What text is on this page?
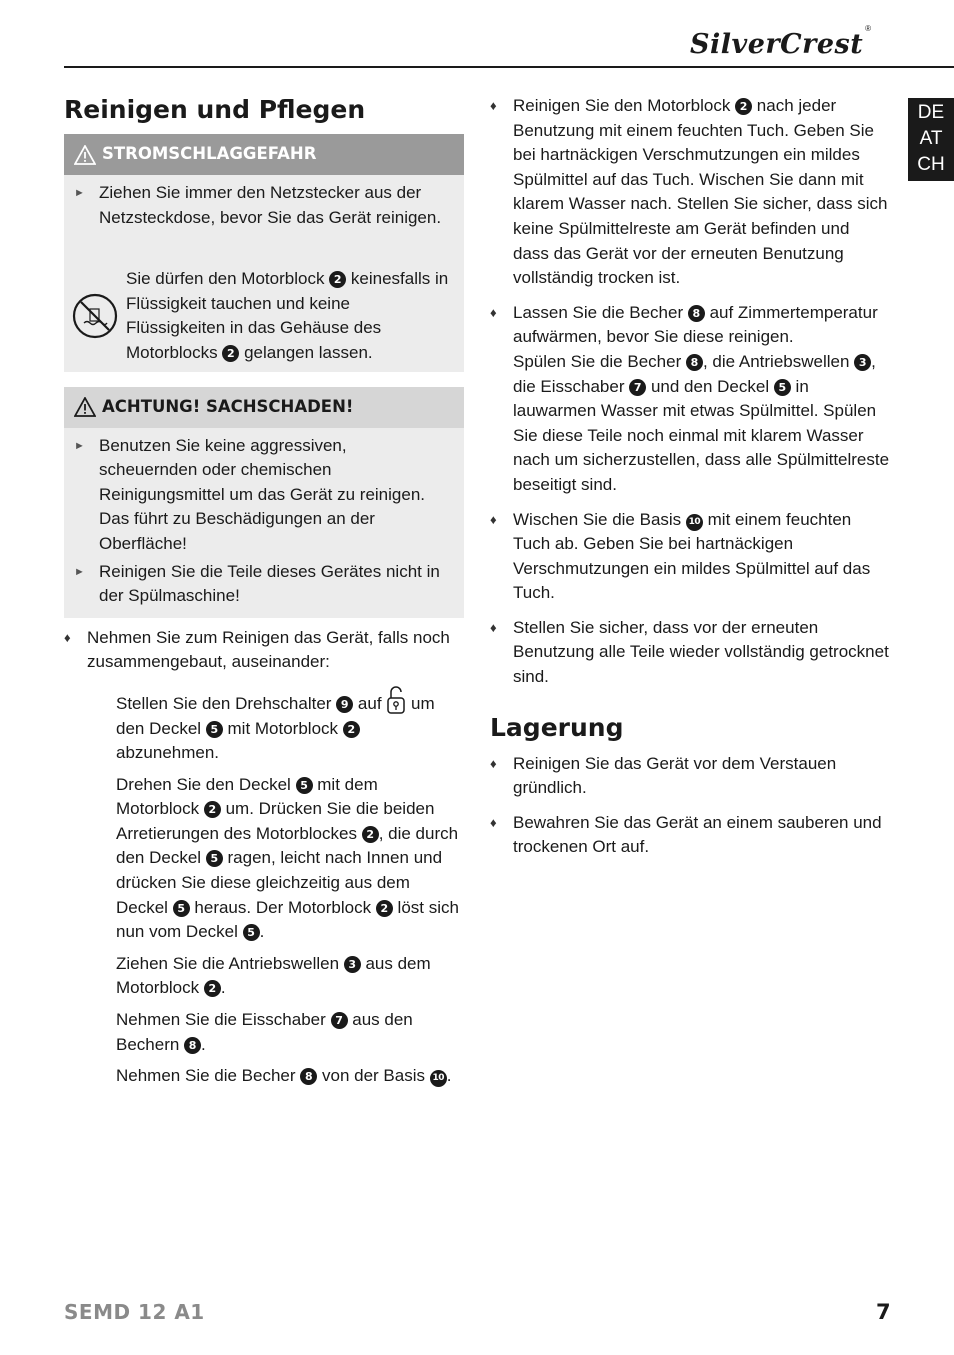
SilverCrest
®
DE
AT
CH
Reinigen und Pflegen
STROMSCHLAGGEFAHR
► Ziehen Sie immer den Netzstecker aus der Netzsteckdose, bevor Sie das Gerät reinigen.
Sie dürfen den Motorblock 2 keinesfalls in Flüssigkeit tauchen und keine Flüssigkeiten in das Gehäuse des Motorblocks 2 gelangen lassen.
ACHTUNG! SACHSCHADEN!
► Benutzen Sie keine aggressiven, scheuernden oder chemischen Reinigungsmittel um das Gerät zu reinigen. Das führt zu Beschädigungen an der Oberfläche!
► Reinigen Sie die Teile dieses Gerätes nicht in der Spülmaschine!
♦ Nehmen Sie zum Reinigen das Gerät, falls noch zusammengebaut, auseinander:

Stellen Sie den Drehschalter 9 auf  um den Deckel 5 mit Motorblock 2 abzunehmen.

Drehen Sie den Deckel 5 mit dem Motorblock 2 um. Drücken Sie die beiden Arretierungen des Motorblockes 2 , die durch den Deckel 5 ragen, leicht nach Innen und drücken Sie diese gleichzeitig aus dem Deckel 5 heraus. Der Motorblock 2 löst sich nun vom Deckel 5 .

Ziehen Sie die Antriebswellen 3 aus dem Motorblock 2 .

Nehmen Sie die Eisschaber 7 aus den Bechern 8 .

Nehmen Sie die Becher 8 von der Basis 10 .

♦ Reinigen Sie den Motorblock 2 nach jeder Benutzung mit einem feuchten Tuch. Geben Sie bei hartnäckigen Verschmutzungen ein mildes Spülmittel auf das Tuch. Wischen Sie dann mit klarem Wasser nach. Stellen Sie sicher, dass sich keine Spülmittelreste am Gerät befinden und dass das Gerät vor der erneuten Benutzung vollständig trocken ist.
♦ Lassen Sie die Becher 8 auf Zimmertemperatur aufwärmen, bevor Sie diese reinigen.
Spülen Sie die Becher 8 , die Antriebswellen 3 , die Eisschaber 7 und den Deckel 5 in lauwarmen Wasser mit etwas Spülmittel. Spülen Sie diese Teile noch einmal mit klarem Wasser nach um sicherzustellen, dass alle Spülmittelreste beseitigt sind.
♦ Wischen Sie die Basis 10 mit einem feuchten Tuch ab. Geben Sie bei hartnäckigen Verschmutzungen ein mildes Spülmittel auf das Tuch.
♦ Stellen Sie sicher, dass vor der erneuten Benutzung alle Teile wieder vollständig getrocknet sind.
Lagerung
♦ Reinigen Sie das Gerät vor dem Verstauen gründlich.
♦ Bewahren Sie das Gerät an einem sauberen und trockenen Ort auf.
SEMD 12 A1	7
